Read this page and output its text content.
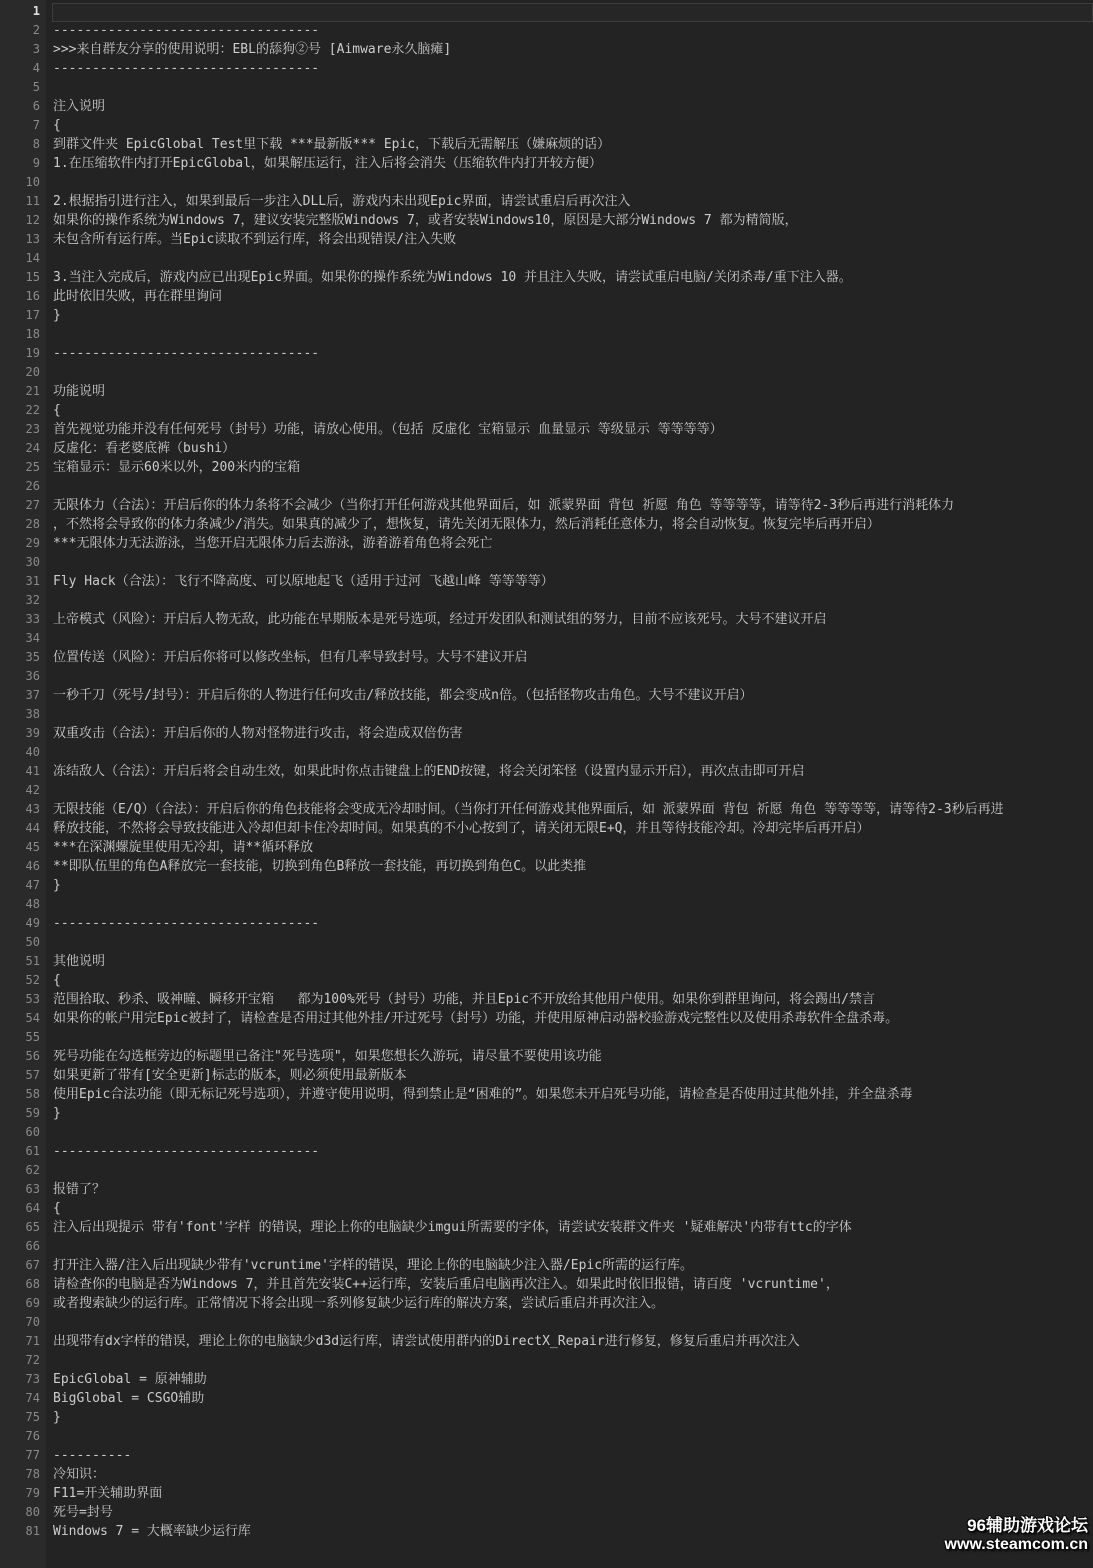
1
2 ----------------------------------
3 >>>来自群友分享的使用说明：EBL的舔狗②号 [Aimware永久脑瘫]
4 ----------------------------------
5
6 注入说明
7 {
8 到群文件夹 EpicGlobal Test里下载 ***最新版*** Epic，下载后无需解压（嫌麻烦的话）
9 1.在压缩软件内打开EpicGlobal，如果解压运行，注入后将会消失（压缩软件内打开较方便）
10
11 2.根据指引进行注入，如果到最后一步注入DLL后，游戏内未出现Epic界面，请尝试重启后再次注入
12 如果你的操作系统为Windows 7，建议安装完整版Windows 7，或者安装Windows10，原因是大部分Windows 7 都为精简版，
13 未包含所有运行库。当Epic读取不到运行库，将会出现错误/注入失败
14
15 3.当注入完成后，游戏内应已出现Epic界面。如果你的操作系统为Windows 10 并且注入失败，请尝试重启电脑/关闭杀毒/重下注入器。
16 此时依旧失败，再在群里询问
17 }
18
19 ----------------------------------
20
21 功能说明
22 {
23 首先视觉功能并没有任何死号（封号）功能，请放心使用。（包括 反虚化 宝箱显示 血量显示 等级显示 等等等等）
24 反虚化：看老婆底裤（bushi）
25 宝箱显示：显示60米以外，200米内的宝箱
26
27 无限体力（合法）：开启后你的体力条将不会减少（当你打开任何游戏其他界面后，如 派蒙界面 背包 祈愿 角色 等等等等，请等待2-3秒后再进行消耗体力
28 ，不然将会导致你的体力条减少/消失。如果真的减少了，想恢复，请先关闭无限体力，然后消耗任意体力，将会自动恢复。恢复完毕后再开启）
29 ***无限体力无法游泳，当您开启无限体力后去游泳，游着游着角色将会死亡
30
31 Fly Hack（合法）：飞行不降高度、可以原地起飞（适用于过河 飞越山峰 等等等等）
32
33 上帝模式（风险）：开启后人物无敌，此功能在早期版本是死号选项，经过开发团队和测试组的努力，目前不应该死号。大号不建议开启
34
35 位置传送（风险）：开启后你将可以修改坐标，但有几率导致封号。大号不建议开启
36
37 一秒千刀（死号/封号）：开启后你的人物进行任何攻击/释放技能，都会变成n倍。（包括怪物攻击角色。大号不建议开启）
38
39 双重攻击（合法）：开启后你的人物对怪物进行攻击，将会造成双倍伤害
40
41 冻结敌人（合法）：开启后将会自动生效，如果此时你点击键盘上的END按键，将会关闭笨怪（设置内显示开启），再次点击即可开启
42
43 无限技能（E/Q）（合法）：开启后你的角色技能将会变成无冷却时间。（当你打开任何游戏其他界面后，如 派蒙界面 背包 祈愿 角色 等等等等，请等待2-3秒后再进
44 释放技能，不然将会导致技能进入冷却但却卡住冷却时间。如果真的不小心按到了，请关闭无限E+Q，并且等待技能冷却。冷却完毕后再开启）
45 ***在深渊螺旋里使用无冷却，请**循环释放
46 **即队伍里的角色A释放完一套技能，切换到角色B释放一套技能，再切换到角色C。以此类推
47 }
48
49 ----------------------------------
50
51 其他说明
52 {
53 范围拾取、秒杀、吸神瞳、瞬移开宝箱   都为100%死号（封号）功能，并且Epic不开放给其他用户使用。如果你到群里询问，将会踢出/禁言
54 如果你的帐户用完Epic被封了，请检查是否用过其他外挂/开过死号（封号）功能，并使用原神启动器校验游戏完整性以及使用杀毒软件全盘杀毒。
55
56 死号功能在勾选框旁边的标题里已备注"死号选项"，如果您想长久游玩，请尽量不要使用该功能
57 如果更新了带有[安全更新]标志的版本，则必须使用最新版本
58 使用Epic合法功能（即无标记死号选项），并遵守使用说明，得到禁止是“困难的”。如果您未开启死号功能，请检查是否使用过其他外挂，并全盘杀毒
59 }
60
61 ----------------------------------
62
63 报错了？
64 {
65 注入后出现提示 带有'font'字样 的错误，理论上你的电脑缺少imgui所需要的字体，请尝试安装群文件夹 '疑难解决'内带有ttc的字体
66
67 打开注入器/注入后出现缺少带有'vcruntime'字样的错误，理论上你的电脑缺少注入器/Epic所需的运行库。
68 请检查你的电脑是否为Windows 7，并且首先安装C++运行库，安装后重启电脑再次注入。如果此时依旧报错，请百度 'vcruntime'，
69 或者搜索缺少的运行库。正常情况下将会出现一系列修复缺少运行库的解决方案，尝试后重启并再次注入。
70
71 出现带有dx字样的错误，理论上你的电脑缺少d3d运行库，请尝试使用群内的DirectX_Repair进行修复，修复后重启并再次注入
72
73 EpicGlobal = 原神辅助
74 BigGlobal = CSGO辅助
75 }
76
77 ----------
78 冷知识：
79 F11=开关辅助界面
80 死号=封号
81 Windows 7 = 大概率缺少运行库	96辅助游戏论坛
www.steamcom.cn
